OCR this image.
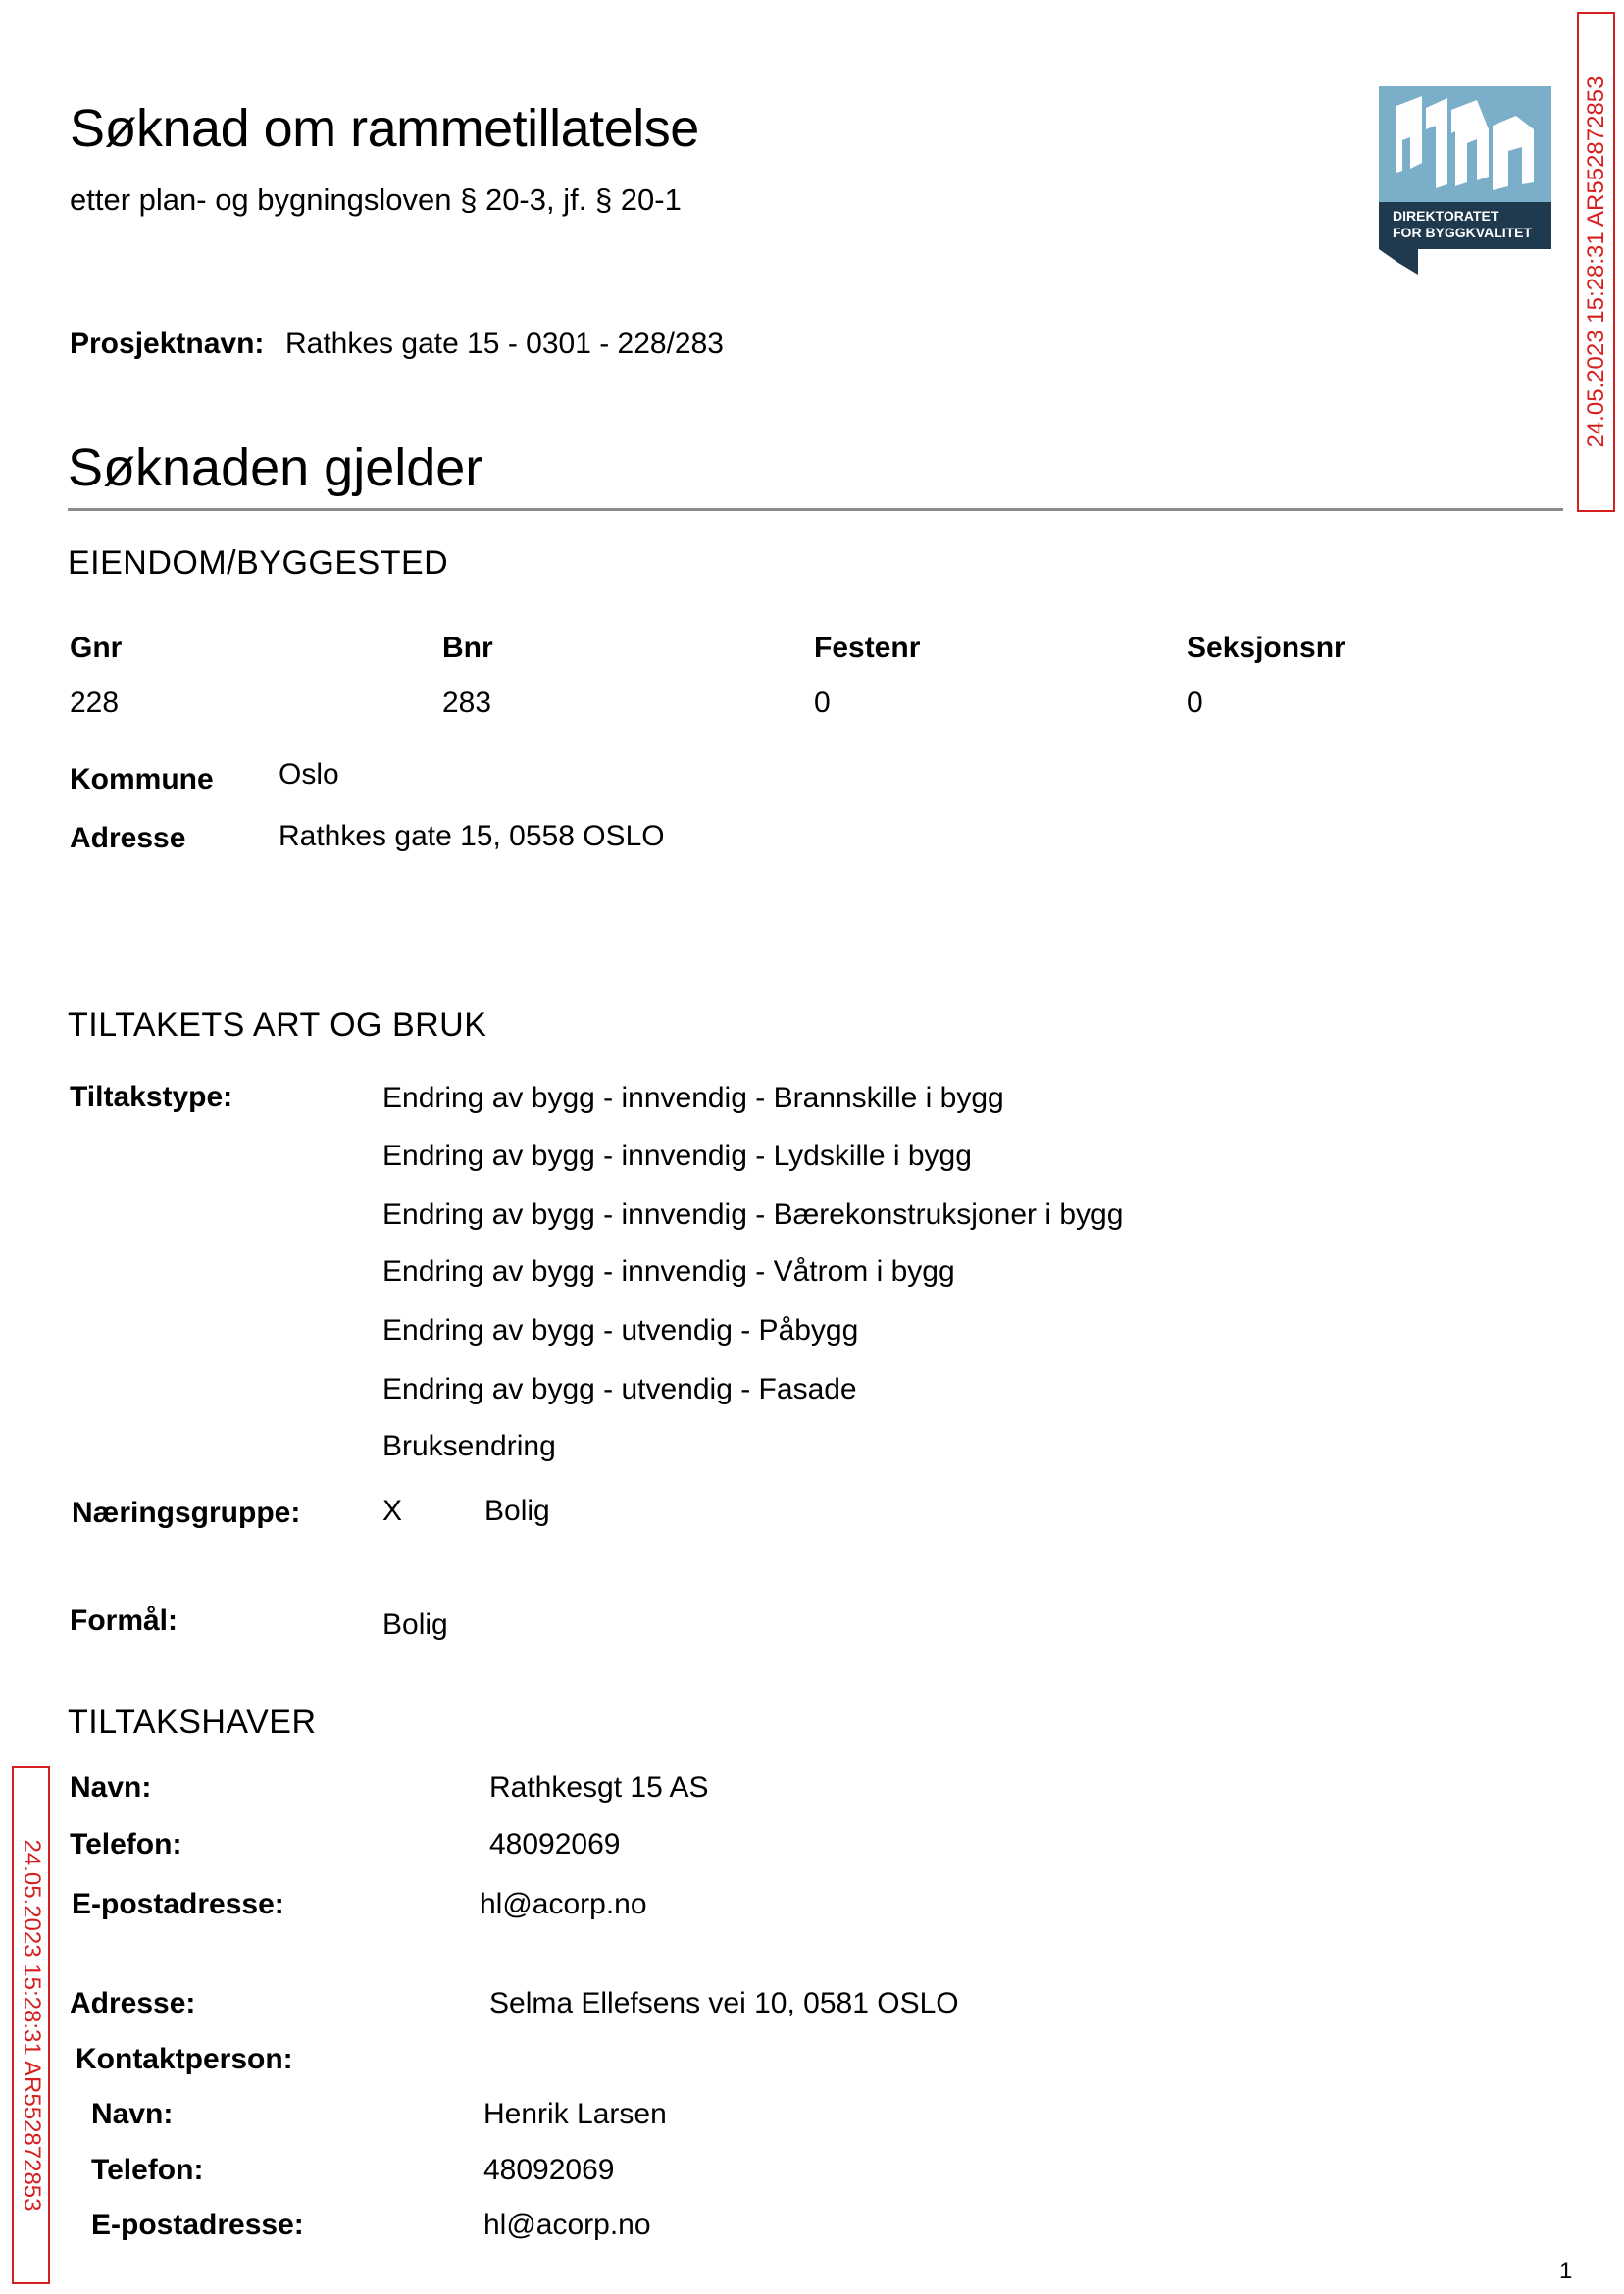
Søknad om rammetillatelse
etter plan- og bygningsloven § 20-3, jf. § 20-1	DIREKTORATET
FOR BYGGKVALITET 24.05.2023 15:28:31 AR552872853
24.05.2023 15:28:31 AR552872853
Prosjektnavn: Rathkes gate 15 - 0301 - 228/283
Søknaden gjelder
EIENDOM/BYGGESTED
Gnr	Bnr	Festenr	Seksjonsnr
228	283	0	0
Kommune Oslo
Adresse	Rathkes gate 15, 0558 OSLO
TILTAKETS ART OG BRUK
Tiltakstype:	Endring av bygg - innvendig - Brannskille i bygg
Endring av bygg - innvendig - Lydskille i bygg
Endring av bygg - innvendig - Bærekonstruksjoner i bygg
Endring av bygg - innvendig - Våtrom i bygg
Endring av bygg - utvendig - Påbygg
Endring av bygg - utvendig - Fasade
Bruksendring
Næringsgruppe:	X	Bolig
Formål:	Bolig
TILTAKSHAVER
Navn:	Rathkesgt 15 AS
Telefon:	48092069
E-postadresse:	hl@acorp.no
Adresse:	Selma Ellefsens vei 10, 0581 OSLO
Kontaktperson:
Navn:	Henrik Larsen
Telefon:	48092069
E-postadresse:	hl@acorp.no
1
